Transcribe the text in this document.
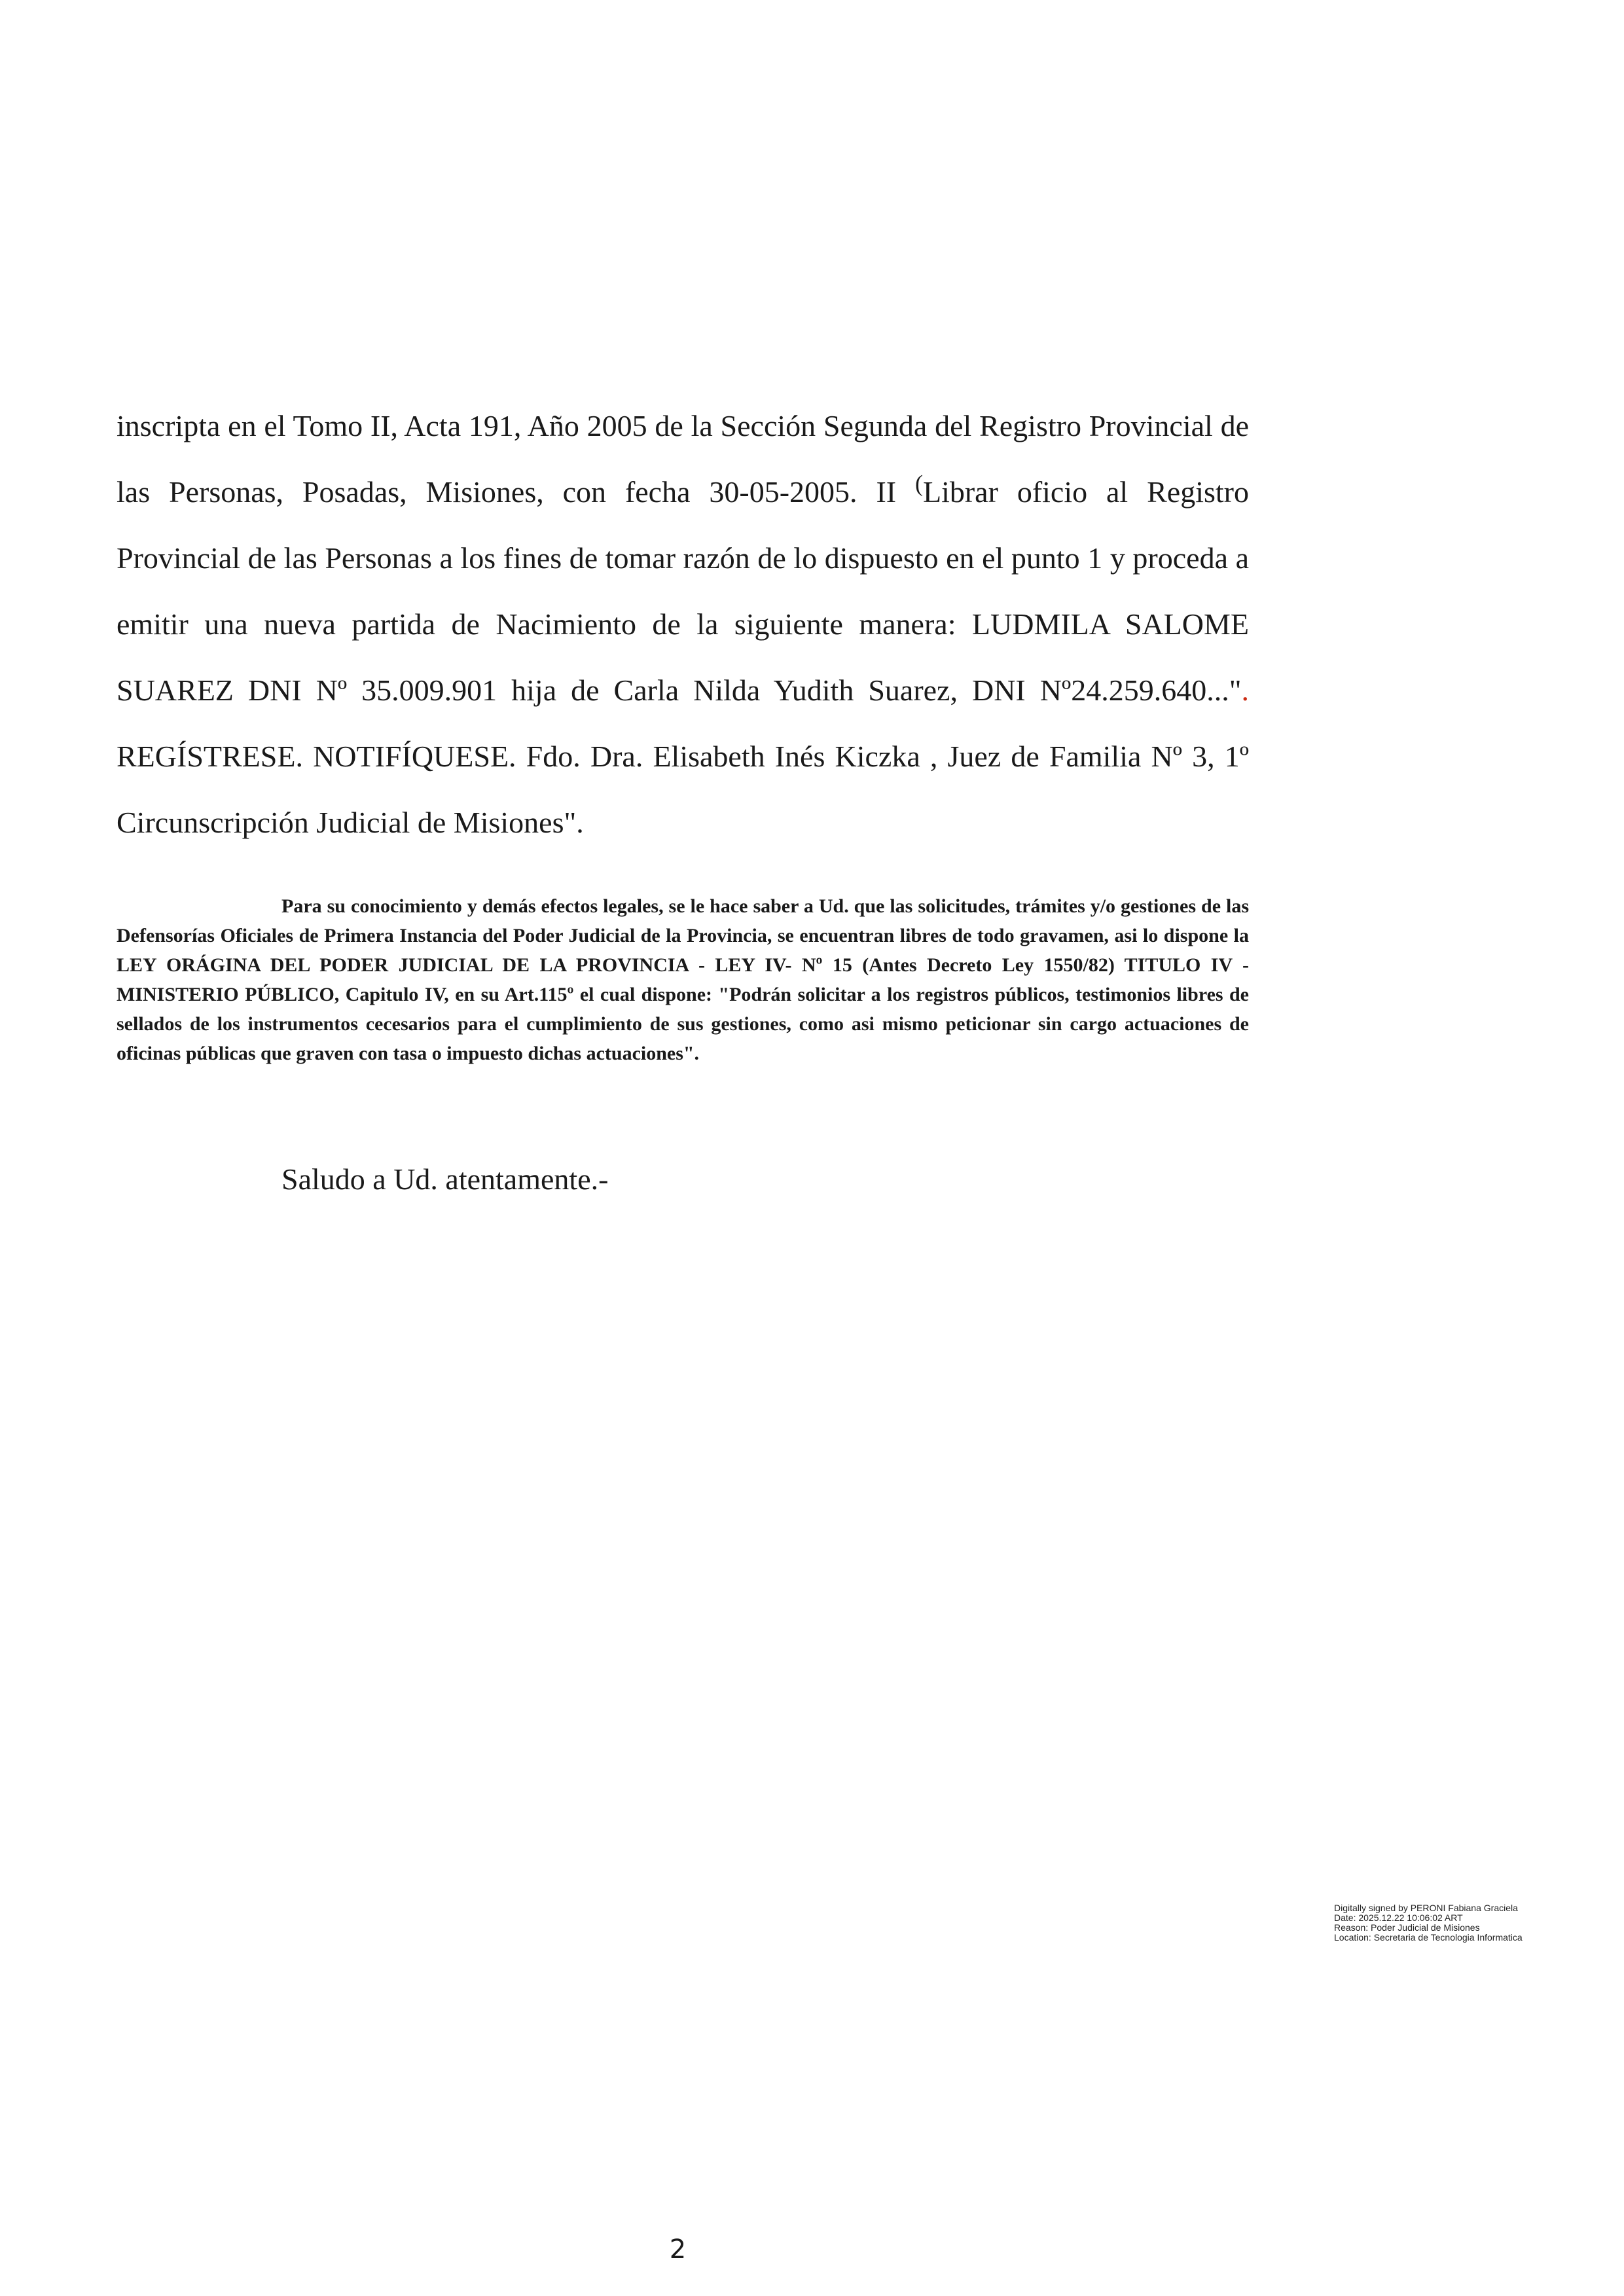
inscripta en el Tomo II, Acta 191, Año 2005 de la Sección Segunda del Registro Provincial de las Personas, Posadas, Misiones, con fecha 30-05-2005. II (Librar oficio al Registro Provincial de las Personas a los fines de tomar razón de lo dispuesto en el punto 1 y proceda a emitir una nueva partida de Nacimiento de la siguiente manera: LUDMILA SALOME SUAREZ DNI Nº 35.009.901 hija de Carla Nilda Yudith Suarez, DNI Nº24.259.640...". REGÍSTRESE. NOTIFÍQUESE. Fdo. Dra. Elisabeth Inés Kiczka , Juez de Familia Nº 3, 1º Circunscripción Judicial de Misiones".

Para su conocimiento y demás efectos legales, se le hace saber a Ud. que las solicitudes, trámites y/o gestiones de las Defensorías Oficiales de Primera Instancia del Poder Judicial de la Provincia, se encuentran libres de todo gravamen, asi lo dispone la LEY ORÁGINA DEL PODER JUDICIAL DE LA PROVINCIA - LEY IV- Nº 15 (Antes Decreto Ley 1550/82) TITULO IV - MINISTERIO PÚBLICO, Capitulo IV, en su Art.115º el cual dispone: "Podrán solicitar a los registros públicos, testimonios libres de sellados de los instrumentos cecesarios para el cumplimiento de sus gestiones, como asi mismo peticionar sin cargo actuaciones de oficinas públicas que graven con tasa o impuesto dichas actuaciones".

Saludo a Ud. atentamente.-

Digitally signed by PERONI Fabiana Graciela
Date: 2025.12.22 10:06:02 ART
Reason: Poder Judicial de Misiones
Location: Secretaria de Tecnologia Informatica
2
